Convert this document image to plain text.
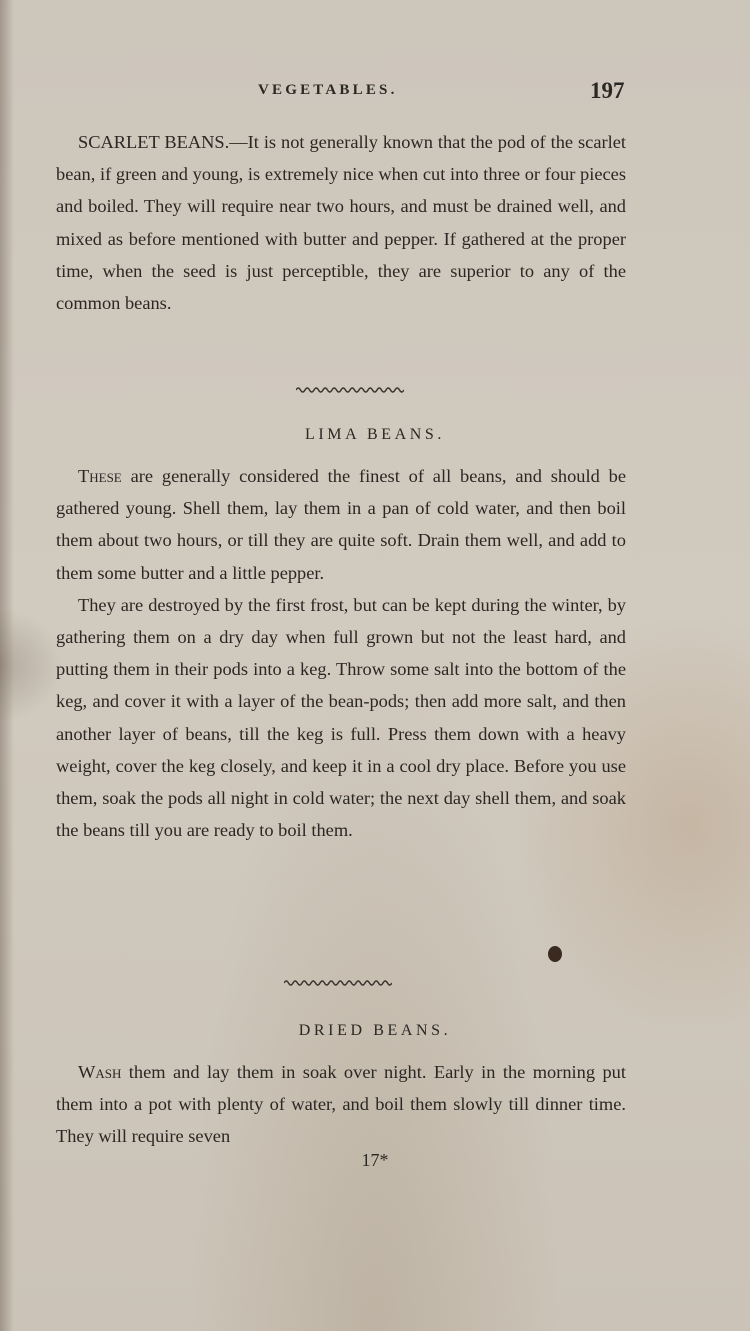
VEGETABLES.	197

SCARLET BEANS.—It is not generally known that the pod of the scarlet bean, if green and young, is extremely nice when cut into three or four pieces and boiled. They will require near two hours, and must be drained well, and mixed as before mentioned with butter and pepper. If gathered at the proper time, when the seed is just perceptible, they are superior to any of the common beans.

LIMA BEANS.

These are generally considered the finest of all beans, and should be gathered young. Shell them, lay them in a pan of cold water, and then boil them about two hours, or till they are quite soft. Drain them well, and add to them some butter and a little pepper.

They are destroyed by the first frost, but can be kept during the winter, by gathering them on a dry day when full grown but not the least hard, and putting them in their pods into a keg. Throw some salt into the bottom of the keg, and cover it with a layer of the bean-pods; then add more salt, and then another layer of beans, till the keg is full. Press them down with a heavy weight, cover the keg closely, and keep it in a cool dry place. Before you use them, soak the pods all night in cold water; the next day shell them, and soak the beans till you are ready to boil them.

DRIED BEANS.

Wash them and lay them in soak over night. Early in the morning put them into a pot with plenty of water, and boil them slowly till dinner time. They will require seven

17*
